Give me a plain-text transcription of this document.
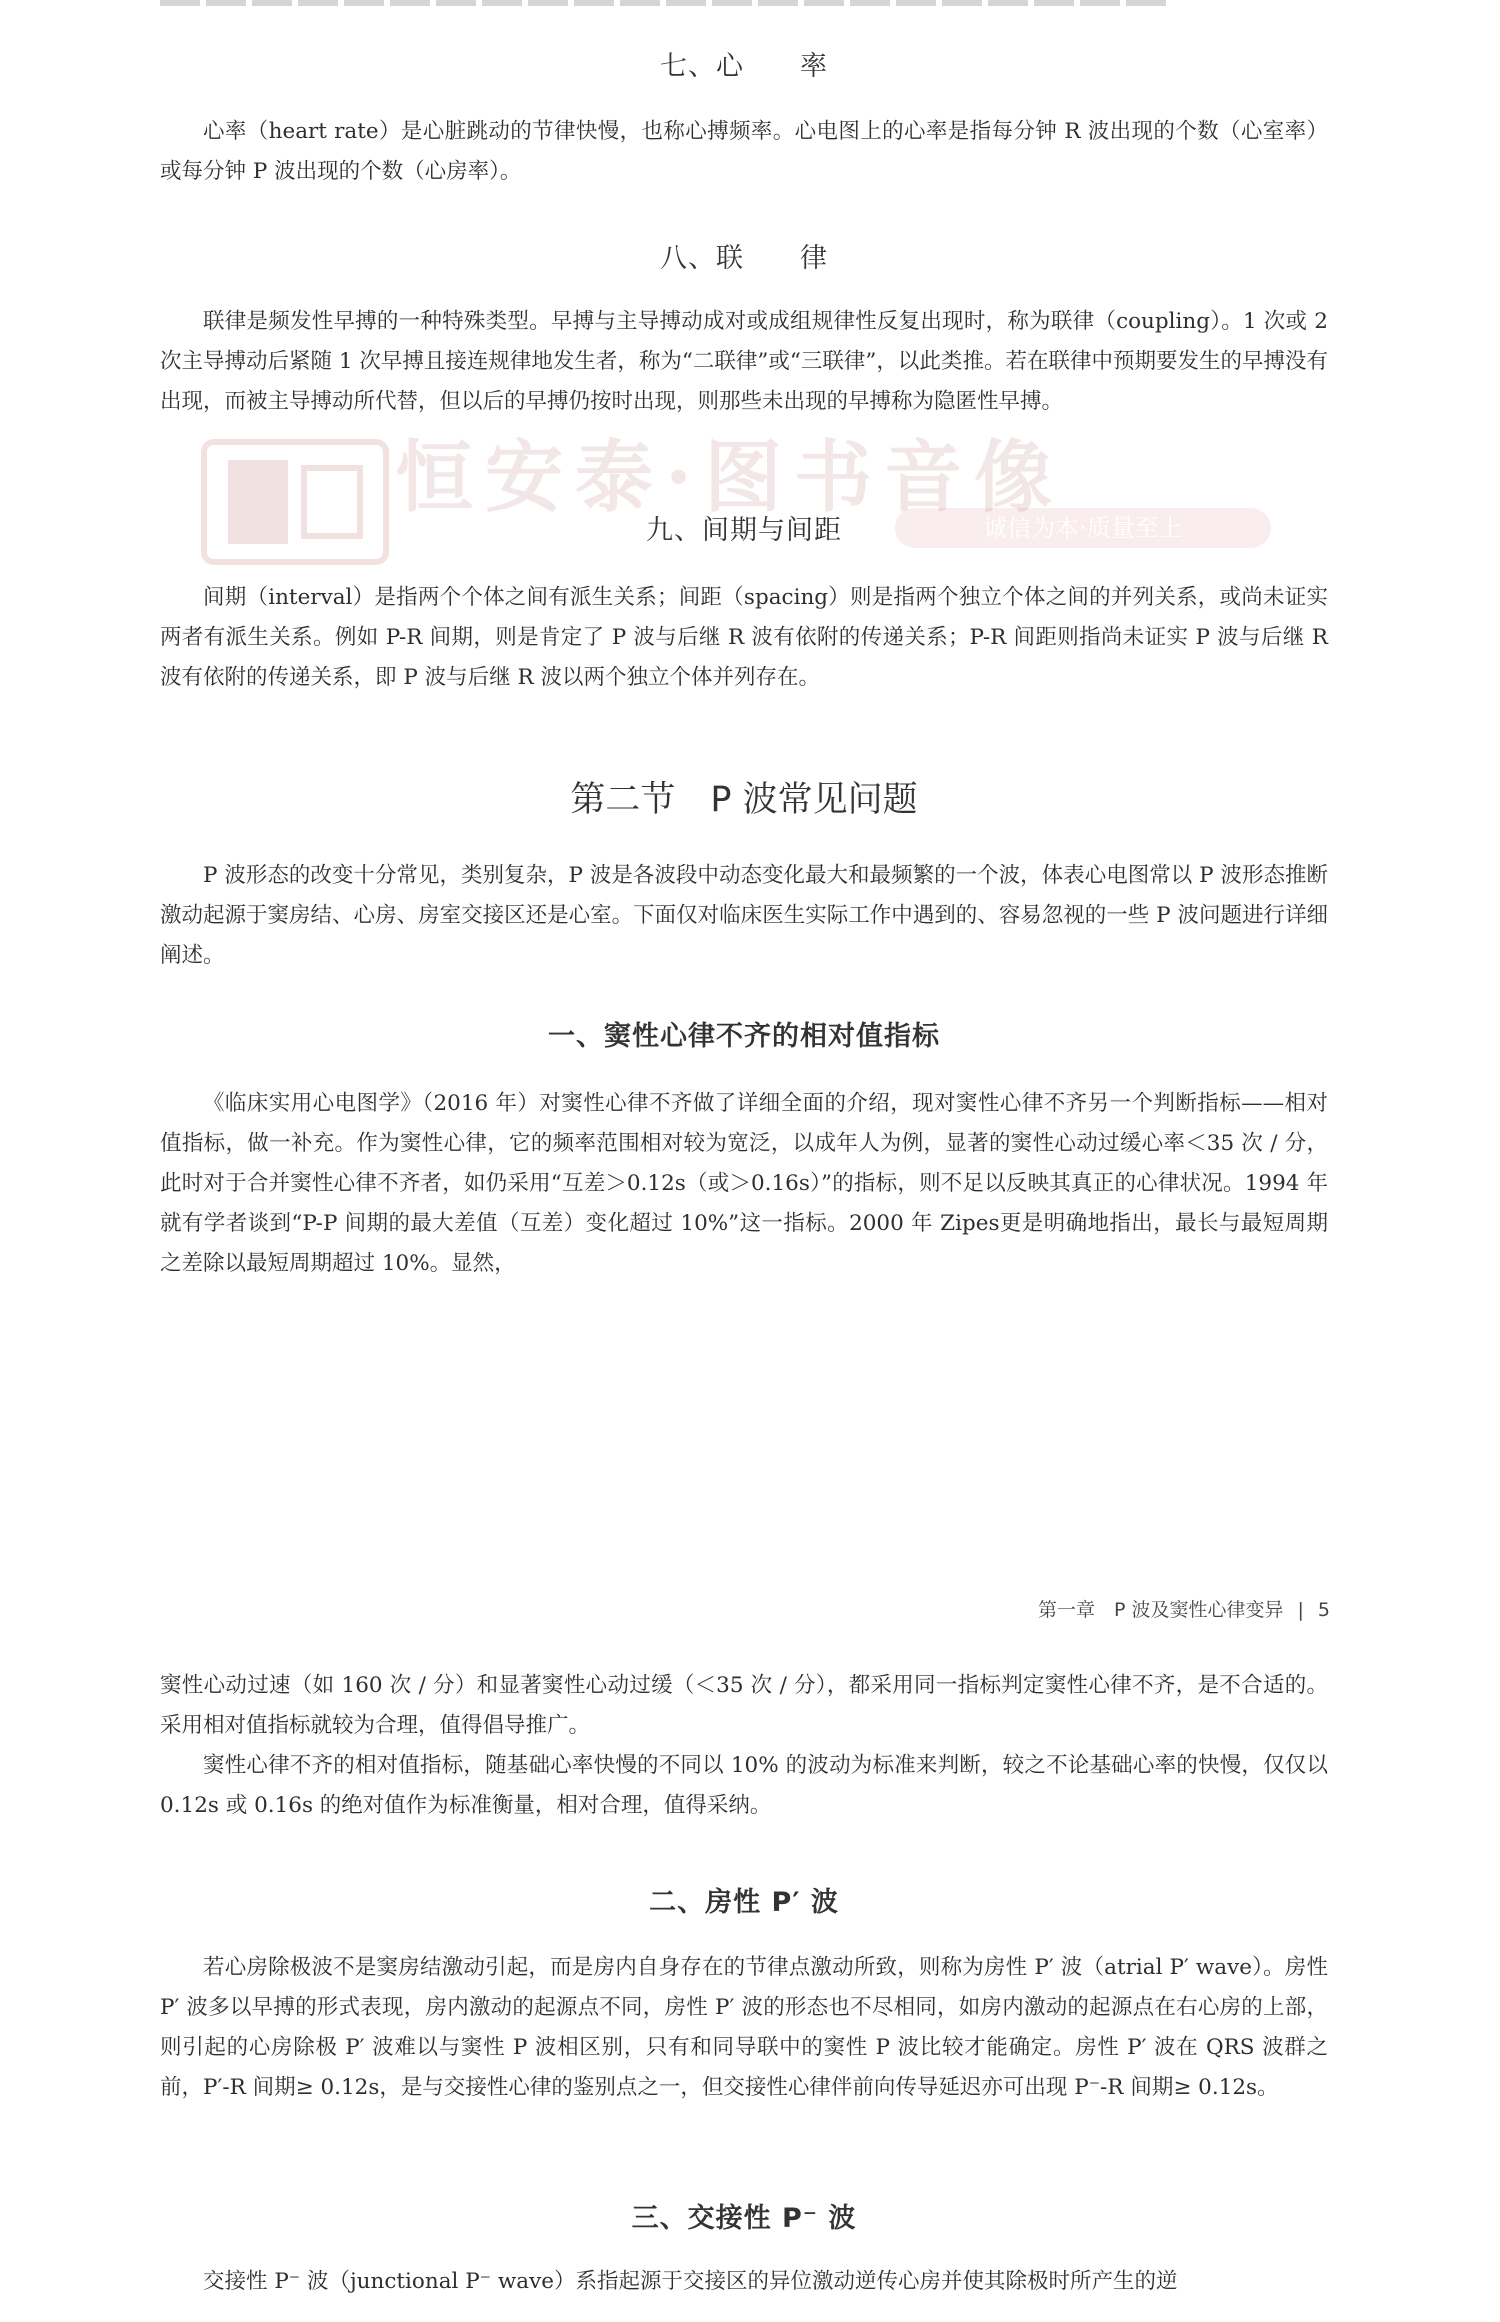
七、心　　率

心率（heart rate）是心脏跳动的节律快慢，也称心搏频率。心电图上的心率是指每分钟 R 波出现的个数（心室率）或每分钟 P 波出现的个数（心房率）。

八、联　　律

联律是频发性早搏的一种特殊类型。早搏与主导搏动成对或成组规律性反复出现时，称为联律（coupling）。1 次或 2 次主导搏动后紧随 1 次早搏且接连规律地发生者，称为“二联律”或“三联律”，以此类推。若在联律中预期要发生的早搏没有出现，而被主导搏动所代替，但以后的早搏仍按时出现，则那些未出现的早搏称为隐匿性早搏。

恒安泰·图书音像
诚信为本·质量至上
九、间期与间距

间期（interval）是指两个个体之间有派生关系；间距（spacing）则是指两个独立个体之间的并列关系，或尚未证实两者有派生关系。例如 P-R 间期，则是肯定了 P 波与后继 R 波有依附的传递关系；P-R 间距则指尚未证实 P 波与后继 R 波有依附的传递关系，即 P 波与后继 R 波以两个独立个体并列存在。

第二节　P 波常见问题

P 波形态的改变十分常见，类别复杂，P 波是各波段中动态变化最大和最频繁的一个波，体表心电图常以 P 波形态推断激动起源于窦房结、心房、房室交接区还是心室。下面仅对临床医生实际工作中遇到的、容易忽视的一些 P 波问题进行详细阐述。

一、窦性心律不齐的相对值指标

《临床实用心电图学》（2016 年）对窦性心律不齐做了详细全面的介绍，现对窦性心律不齐另一个判断指标——相对值指标，做一补充。作为窦性心律，它的频率范围相对较为宽泛，以成年人为例，显著的窦性心动过缓心率＜35 次 / 分，此时对于合并窦性心律不齐者，如仍采用“互差＞0.12s（或＞0.16s）”的指标，则不足以反映其真正的心律状况。1994 年就有学者谈到“P-P 间期的最大差值（互差）变化超过 10%”这一指标。2000 年 Zipes更是明确地指出，最长与最短周期之差除以最短周期超过 10%。显然，

第一章　P 波及窦性心律变异 | 5

窦性心动过速（如 160 次 / 分）和显著窦性心动过缓（＜35 次 / 分），都采用同一指标判定窦性心律不齐，是不合适的。采用相对值指标就较为合理，值得倡导推广。

窦性心律不齐的相对值指标，随基础心率快慢的不同以 10% 的波动为标准来判断，较之不论基础心率的快慢，仅仅以 0.12s 或 0.16s 的绝对值作为标准衡量，相对合理，值得采纳。

二、房性 P′ 波

若心房除极波不是窦房结激动引起，而是房内自身存在的节律点激动所致，则称为房性 P′ 波（atrial P′ wave）。房性 P′ 波多以早搏的形式表现，房内激动的起源点不同，房性 P′ 波的形态也不尽相同，如房内激动的起源点在右心房的上部，则引起的心房除极 P′ 波难以与窦性 P 波相区别，只有和同导联中的窦性 P 波比较才能确定。房性 P′ 波在 QRS 波群之前，P′-R 间期≥ 0.12s，是与交接性心律的鉴别点之一，但交接性心律伴前向传导延迟亦可出现 P⁻-R 间期≥ 0.12s。

三、交接性 P⁻ 波

交接性 P⁻ 波（junctional P⁻ wave）系指起源于交接区的异位激动逆传心房并使其除极时所产生的逆
